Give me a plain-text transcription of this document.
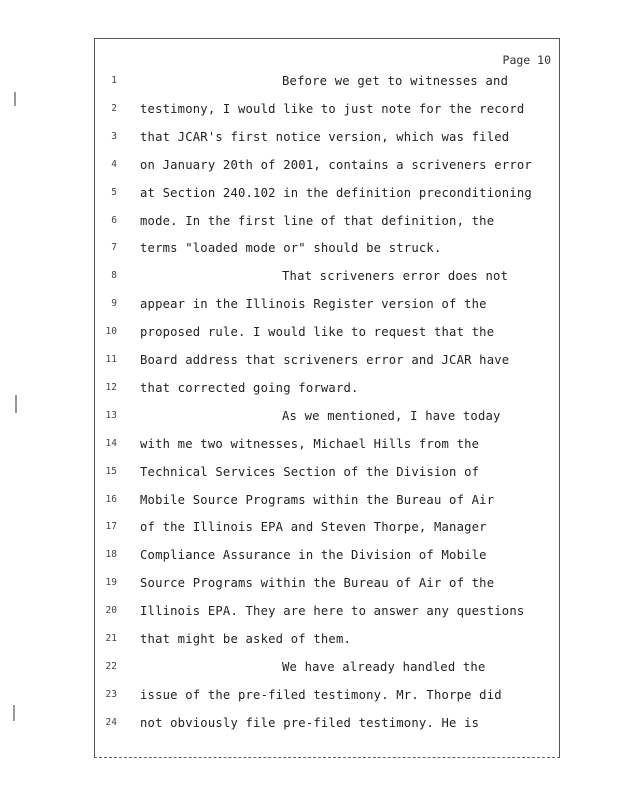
Page 10
1	Before we get to witnesses and
2 testimony, I would like to just note for the record
3 that JCAR's first notice version, which was filed
4 on January 20th of 2001, contains a scriveners error
5 at Section 240.102 in the definition preconditioning
6 mode. In the first line of that definition, the
7 terms "loaded mode or" should be struck.
8	That scriveners error does not
9 appear in the Illinois Register version of the
10 proposed rule. I would like to request that the
11 Board address that scriveners error and JCAR have
12 that corrected going forward.
13	As we mentioned, I have today
14 with me two witnesses, Michael Hills from the
15 Technical Services Section of the Division of
16 Mobile Source Programs within the Bureau of Air
17 of the Illinois EPA and Steven Thorpe, Manager
18 Compliance Assurance in the Division of Mobile
19 Source Programs within the Bureau of Air of the
20 Illinois EPA. They are here to answer any questions
21 that might be asked of them.
22	We have already handled the
23 issue of the pre-filed testimony. Mr. Thorpe did
24 not obviously file pre-filed testimony. He is
